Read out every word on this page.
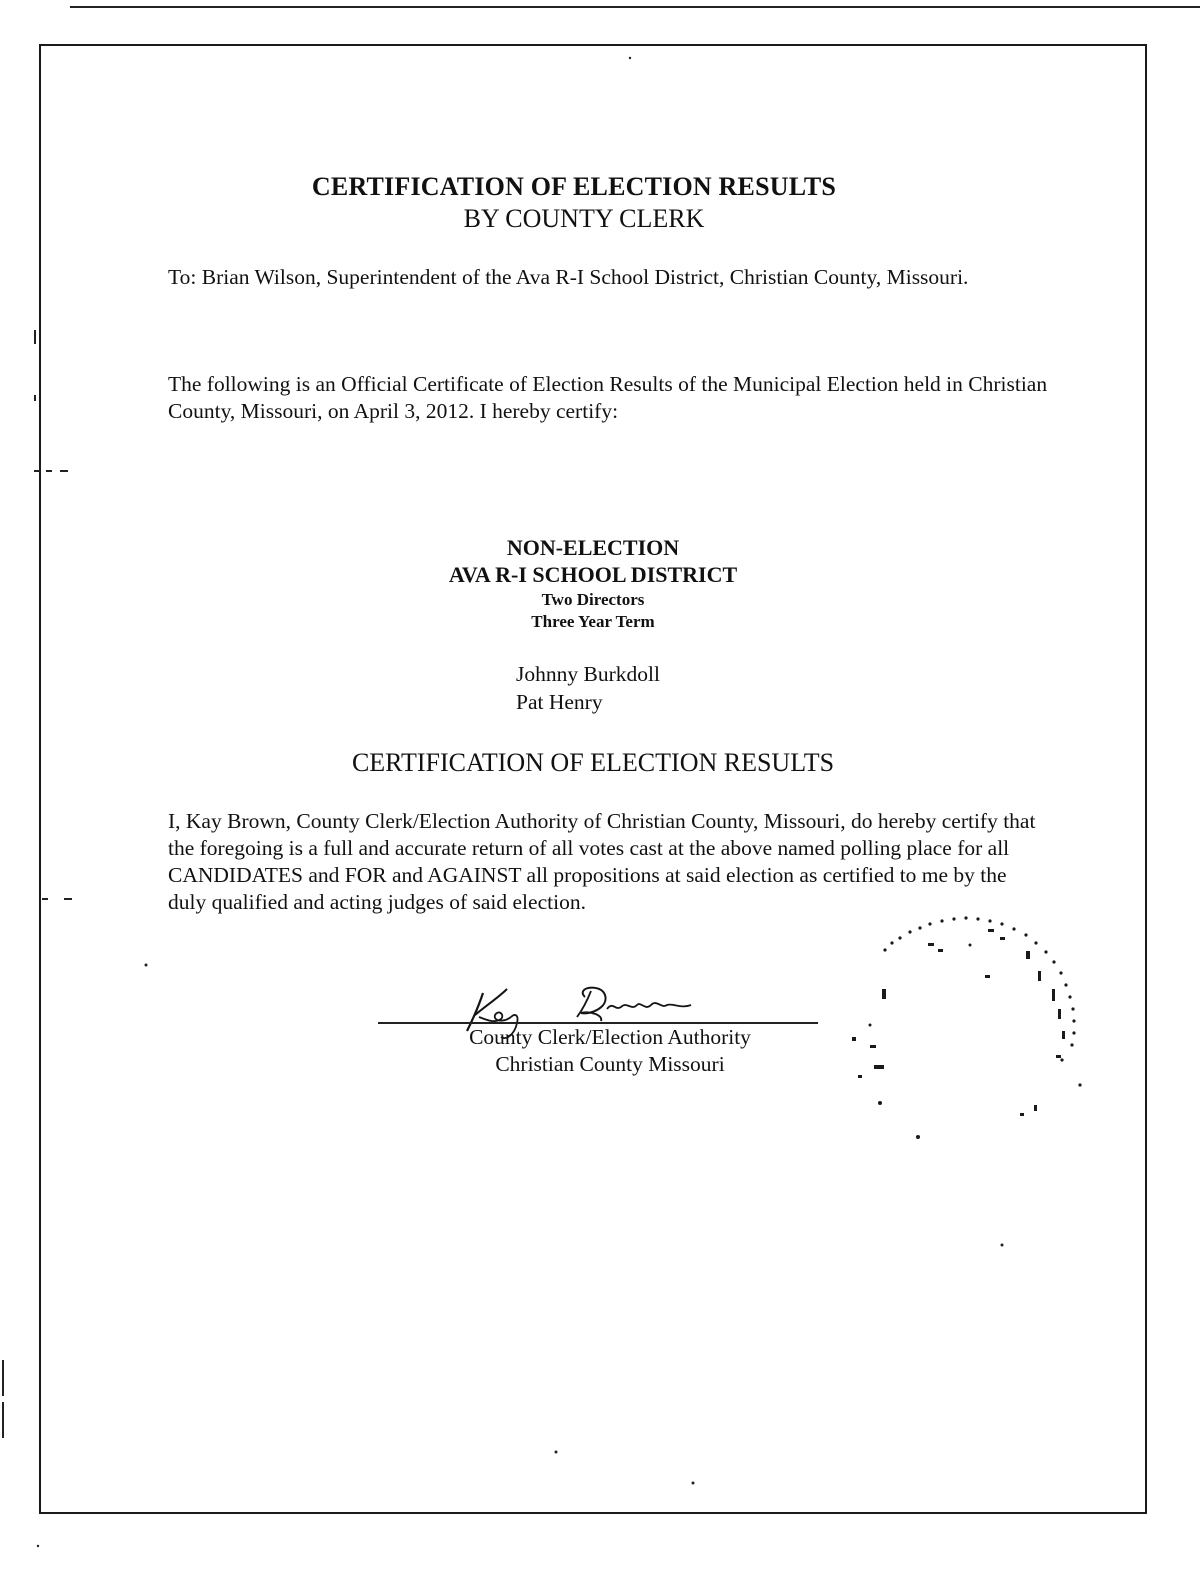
CERTIFICATION OF ELECTION RESULTS
BY COUNTY CLERK
To: Brian Wilson, Superintendent of the Ava R-I School District, Christian County, Missouri.
The following is an Official Certificate of Election Results of the Municipal Election held in Christian County, Missouri, on April 3, 2012. I hereby certify:
NON-ELECTION
AVA R-I SCHOOL DISTRICT
Two Directors
Three Year Term
Johnny Burkdoll
Pat Henry
CERTIFICATION OF ELECTION RESULTS
I, Kay Brown, County Clerk/Election Authority of Christian County, Missouri, do hereby certify that the foregoing is a full and accurate return of all votes cast at the above named polling place for all CANDIDATES and FOR and AGAINST all propositions at said election as certified to me by the duly qualified and acting judges of said election.
County Clerk/Election Authority
Christian County Missouri
